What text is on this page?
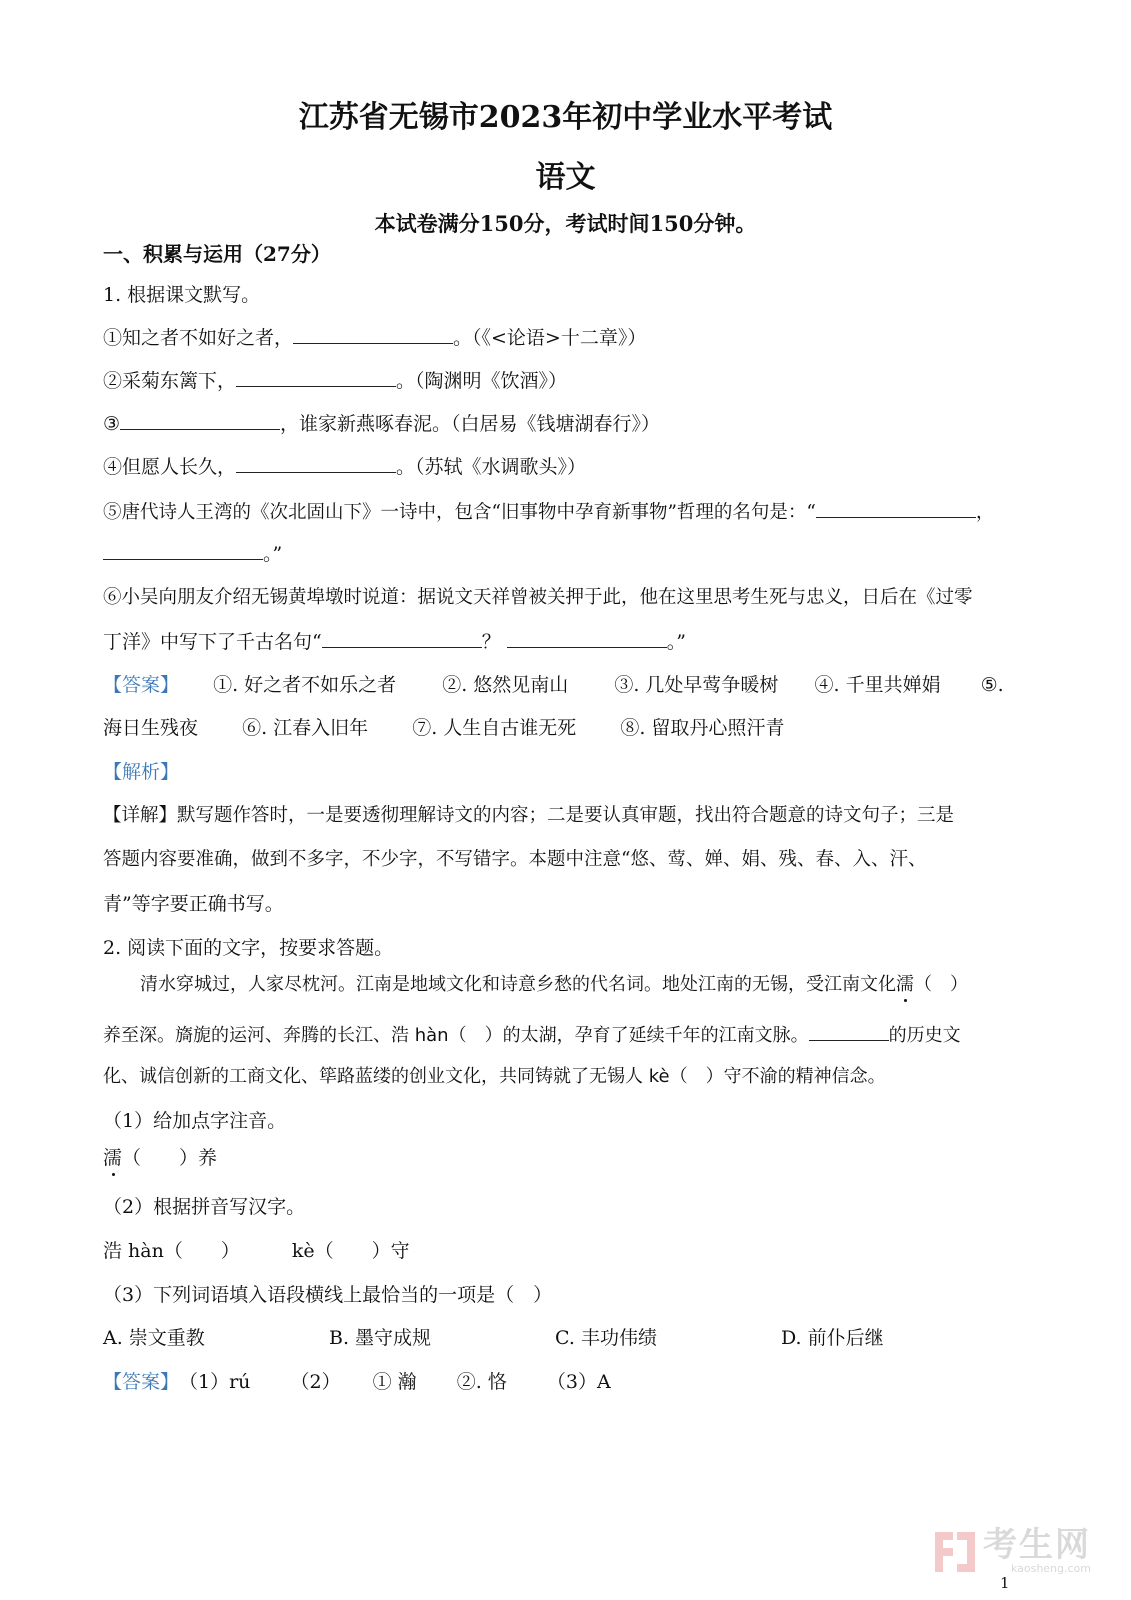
江苏省无锡市2023年初中学业水平考试
语文
本试卷满分150分，考试时间150分钟。
一、积累与运用（27分）
1. 根据课文默写。
①知之者不如好之者，	。（《<论语>十二章》）
②采菊东篱下，	。（陶渊明《饮酒》）
③	，谁家新燕啄春泥。（白居易《钱塘湖春行》）
④但愿人长久，	。（苏轼《水调歌头》）
⑤唐代诗人王湾的《次北固山下》一诗中，包含“旧事物中孕育新事物”哲理的名句是：“	，
。”
⑥小吴向朋友介绍无锡黄埠墩时说道：据说文天祥曾被关押于此，他在这里思考生死与忠义，日后在《过零
丁洋》中写下了千古名句“	？	。”
【答案】 ①. 好之者不如乐之者 ②. 悠然见南山 ③. 几处早莺争暖树 ④. 千里共婵娟 ⑤.
海日生残夜 ⑥. 江春入旧年 ⑦. 人生自古谁无死 ⑧. 留取丹心照汗青
【解析】
【详解】默写题作答时，一是要透彻理解诗文的内容；二是要认真审题，找出符合题意的诗文句子；三是
答题内容要准确，做到不多字，不少字，不写错字。本题中注意“悠、莺、婵、娟、残、春、入、汗、
青”等字要正确书写。
2. 阅读下面的文字，按要求答题。
清水穿城过，人家尽枕河。江南是地域文化和诗意乡愁的代名词。地处江南的无锡，受江南文化濡（　）
养至深。旖旎的运河、奔腾的长江、浩 hàn（　）的太湖，孕育了延续千年的江南文脉。	的历史文
化、诚信创新的工商文化、筚路蓝缕的创业文化，共同铸就了无锡人 kè（　）守不渝的精神信念。
（1）给加点字注音。
濡（　　）养
（2）根据拼音写汉字。
浩 hàn（　　）	kè（　　）守
（3）下列词语填入语段横线上最恰当的一项是（　）
A. 崇文重教	B. 墨守成规	C. 丰功伟绩	D. 前仆后继
【答案】（1）rú （2） ① 瀚 ②. 恪 （3）A
考生网
kaosheng.com
1
